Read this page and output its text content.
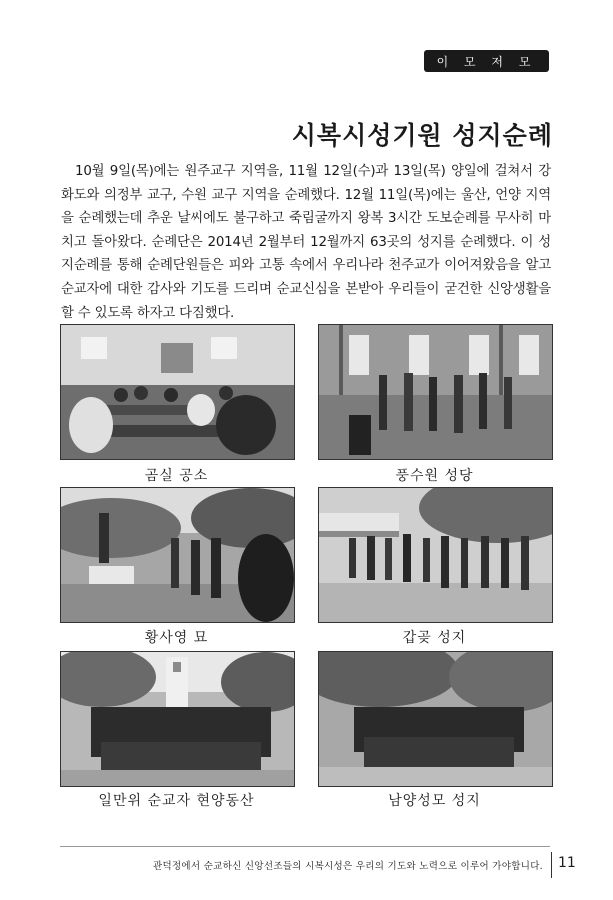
이 모 저 모
시복시성기원 성지순례

10월 9일(목)에는 원주교구 지역을, 11월 12일(수)과 13일(목) 양일에 걸쳐서 강화도와 의정부 교구, 수원 교구 지역을 순례했다. 12월 11일(목)에는 울산, 언양 지역을 순례했는데 추운 날씨에도 불구하고 죽림굴까지 왕복 3시간 도보순례를 무사히 마치고 돌아왔다. 순례단은 2014년 2월부터 12월까지 63곳의 성지를 순례했다. 이 성지순례를 통해 순례단원들은 피와 고통 속에서 우리나라 천주교가 이어져왔음을 알고 순교자에 대한 감사와 기도를 드리며 순교신심을 본받아 우리들이 굳건한 신앙생활을 할 수 있도록 하자고 다짐했다.

곰실 공소	풍수원 성당
황사영 묘	갑곶 성지
일만위 순교자 현양동산	남양성모 성지
관덕정에서 순교하신 신앙선조들의 시복시성은 우리의 기도와 노력으로 이루어 가야합니다. 11
